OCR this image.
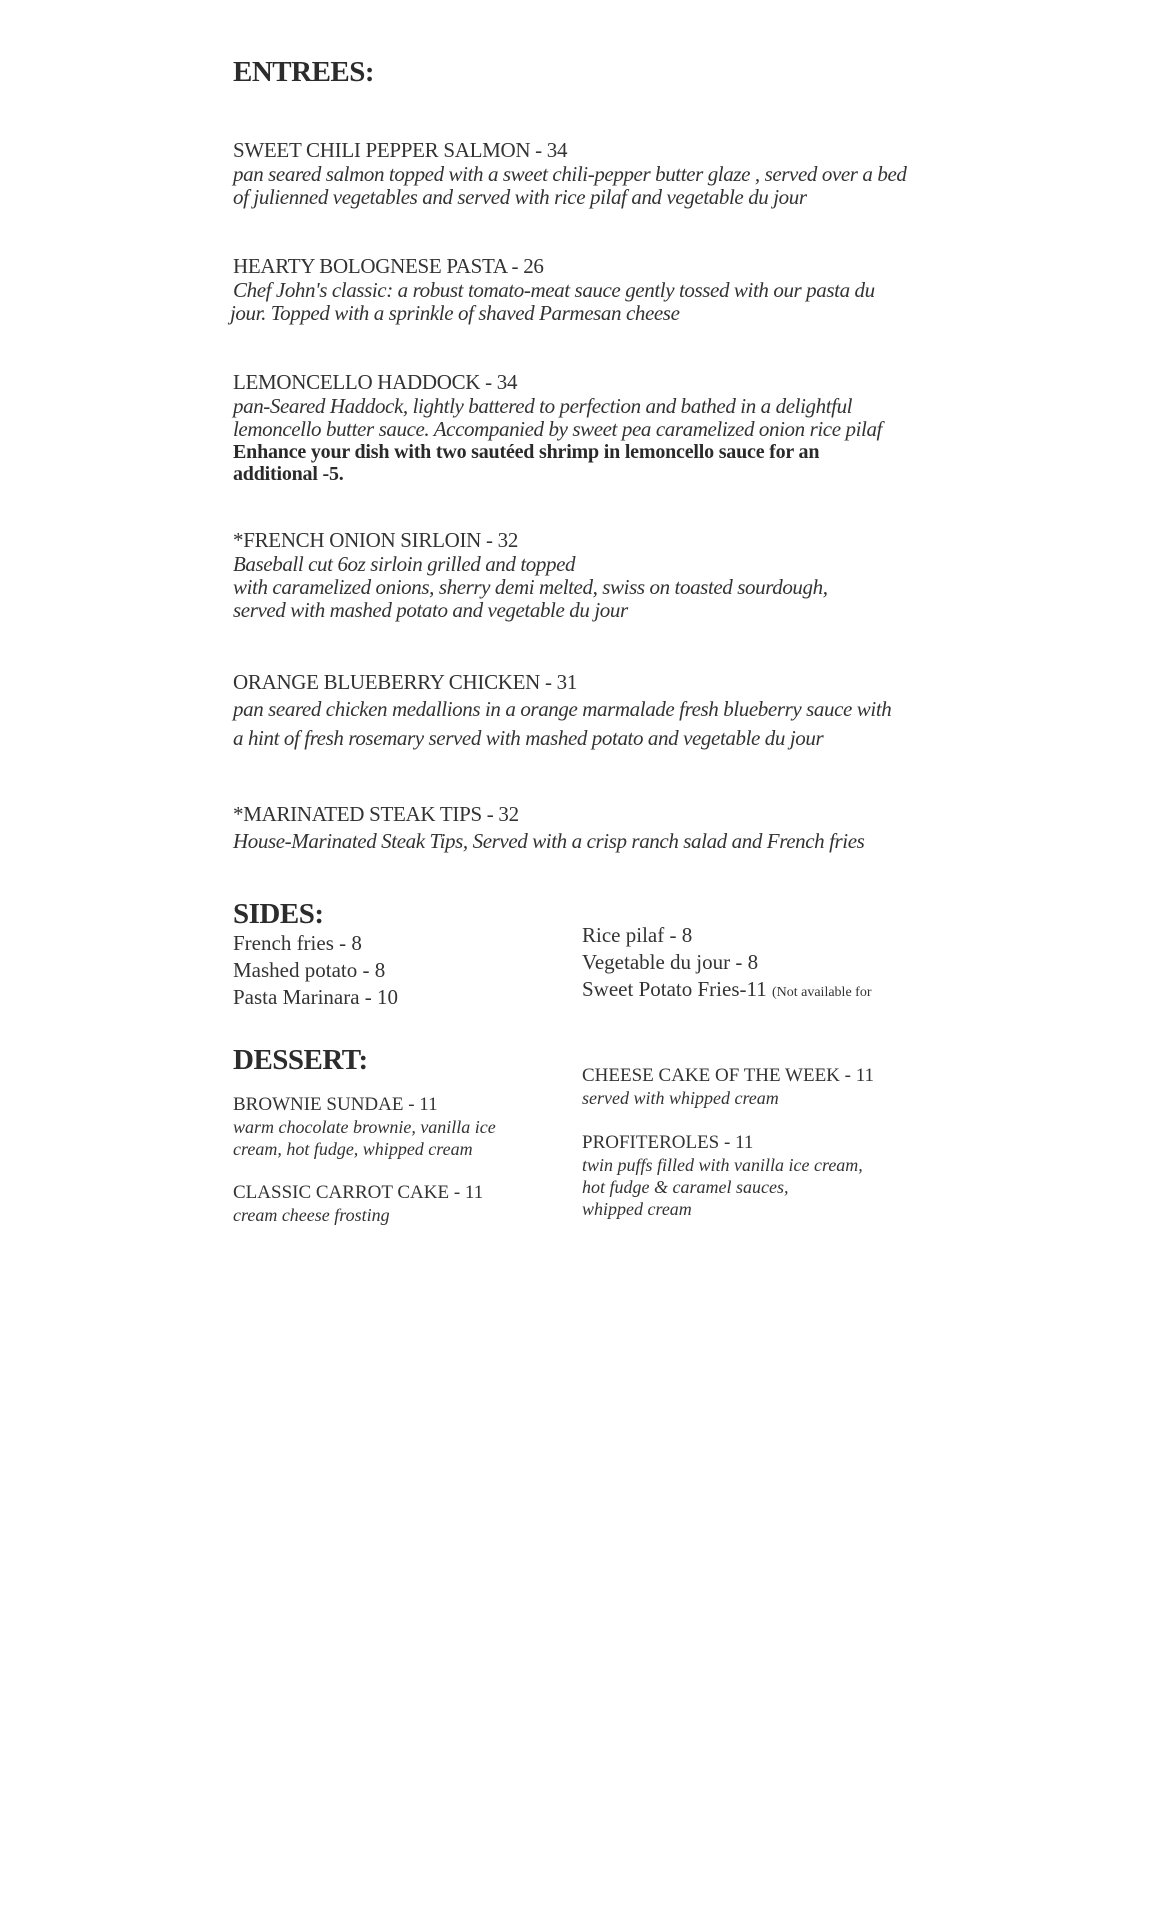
ENTREES:
SWEET CHILI PEPPER SALMON - 34
pan seared salmon topped with a sweet chili-pepper butter glaze , served over a bed
of julienned vegetables and served with rice pilaf and vegetable du jour
HEARTY BOLOGNESE PASTA - 26
Chef John's classic: a robust tomato-meat sauce gently tossed with our pasta du
jour. Topped with a sprinkle of shaved Parmesan cheese
LEMONCELLO HADDOCK - 34
pan-Seared Haddock, lightly battered to perfection and bathed in a delightful
lemoncello butter sauce. Accompanied by sweet pea caramelized onion rice pilaf
Enhance your dish with two sautéed shrimp in lemoncello sauce for an
additional -5.
*FRENCH ONION SIRLOIN - 32
Baseball cut 6oz sirloin grilled and topped
with caramelized onions, sherry demi melted, swiss on toasted sourdough,
served with mashed potato and vegetable du jour
ORANGE BLUEBERRY CHICKEN - 31
pan seared chicken medallions in a orange marmalade fresh blueberry sauce with
a hint of fresh rosemary served with mashed potato and vegetable du jour
*MARINATED STEAK TIPS - 32
House-Marinated Steak Tips, Served with a crisp ranch salad and French fries
SIDES:
French fries - 8
Mashed potato - 8
Pasta Marinara - 10
Rice pilaf - 8
Vegetable du jour - 8
Sweet Potato Fries-11 (Not available for
DESSERT:
BROWNIE SUNDAE - 11
warm chocolate brownie, vanilla ice
cream, hot fudge, whipped cream
CLASSIC CARROT CAKE - 11
cream cheese frosting
CHEESE CAKE OF THE WEEK - 11
served with whipped cream
PROFITEROLES - 11
twin puffs filled with vanilla ice cream,
hot fudge & caramel sauces,
whipped cream
